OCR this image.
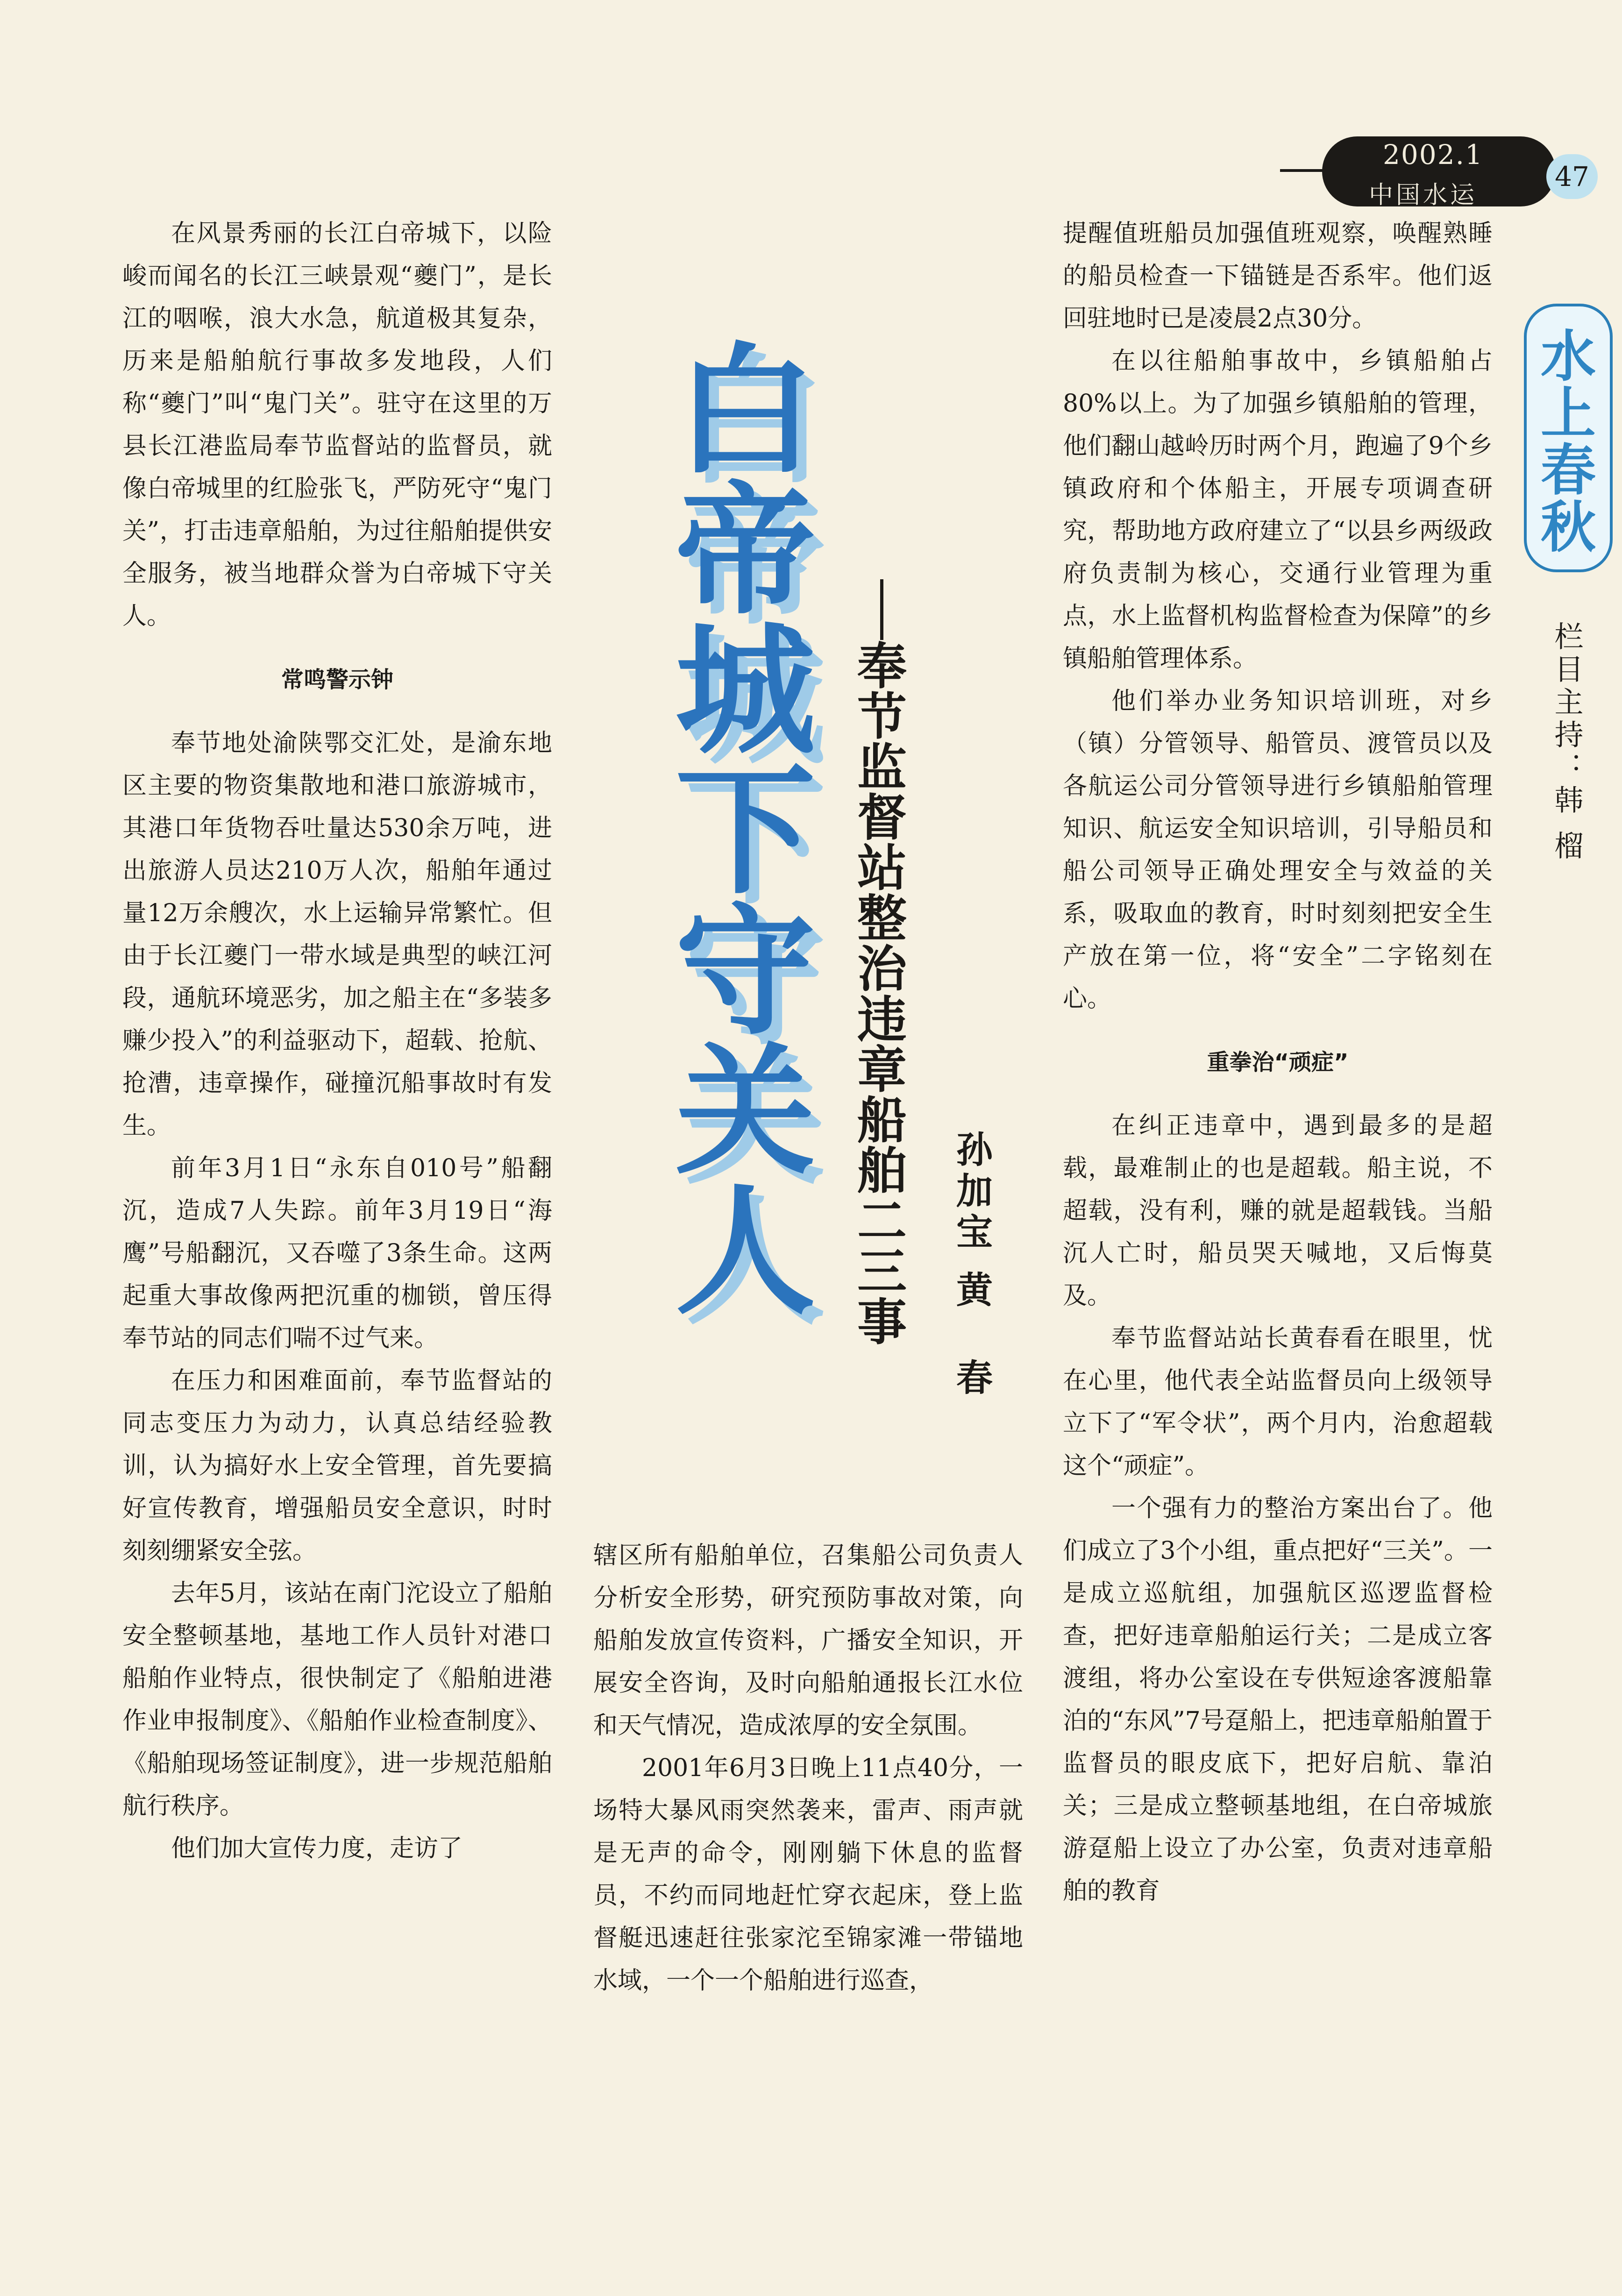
2002.1
中国水运
47
水上春秋
栏目主持：韩 榴
白帝城下守关人 奉节监督站整治违章船舶二三事 孙加宝
黄春

在风景秀丽的长江白帝城下，以险峻而闻名的长江三峡景观“夔门”，是长江的咽喉，浪大水急，航道极其复杂，历来是船舶航行事故多发地段，人们称“夔门”叫“鬼门关”。驻守在这里的万县长江港监局奉节监督站的监督员，就像白帝城里的红脸张飞，严防死守“鬼门关”，打击违章船舶，为过往船舶提供安全服务，被当地群众誉为白帝城下守关人。

常鸣警示钟

奉节地处渝陕鄂交汇处，是渝东地区主要的物资集散地和港口旅游城市，其港口年货物吞吐量达530余万吨，进出旅游人员达210万人次，船舶年通过量12万余艘次，水上运输异常繁忙。但由于长江夔门一带水域是典型的峡江河段，通航环境恶劣，加之船主在“多装多赚少投入”的利益驱动下，超载、抢航、抢漕，违章操作，碰撞沉船事故时有发生。

前年3月1日“永东自010号”船翻沉，造成7人失踪。前年3月19日“海鹰”号船翻沉，又吞噬了3条生命。这两起重大事故像两把沉重的枷锁，曾压得奉节站的同志们喘不过气来。

在压力和困难面前，奉节监督站的同志变压力为动力，认真总结经验教训，认为搞好水上安全管理，首先要搞好宣传教育，增强船员安全意识，时时刻刻绷紧安全弦。

去年5月，该站在南门沱设立了船舶安全整顿基地，基地工作人员针对港口船舶作业特点，很快制定了《船舶进港作业申报制度》、《船舶作业检查制度》、《船舶现场签证制度》，进一步规范船舶航行秩序。

他们加大宣传力度，走访了

辖区所有船舶单位，召集船公司负责人分析安全形势，研究预防事故对策，向船舶发放宣传资料，广播安全知识，开展安全咨询，及时向船舶通报长江水位和天气情况，造成浓厚的安全氛围。

2001年6月3日晚上11点40分，一场特大暴风雨突然袭来，雷声、雨声就是无声的命令，刚刚躺下休息的监督员，不约而同地赶忙穿衣起床，登上监督艇迅速赶往张家沱至锦家滩一带锚地水域，一个一个船舶进行巡查，

提醒值班船员加强值班观察，唤醒熟睡的船员检查一下锚链是否系牢。他们返回驻地时已是凌晨2点30分。

在以往船舶事故中，乡镇船舶占80%以上。为了加强乡镇船舶的管理，他们翻山越岭历时两个月，跑遍了9个乡镇政府和个体船主，开展专项调查研究，帮助地方政府建立了“以县乡两级政府负责制为核心，交通行业管理为重点，水上监督机构监督检查为保障”的乡镇船舶管理体系。

他们举办业务知识培训班，对乡（镇）分管领导、船管员、渡管员以及各航运公司分管领导进行乡镇船舶管理知识、航运安全知识培训，引导船员和船公司领导正确处理安全与效益的关系，吸取血的教育，时时刻刻把安全生产放在第一位，将“安全”二字铭刻在心。

重拳治“顽症”

在纠正违章中，遇到最多的是超载，最难制止的也是超载。船主说，不超载，没有利，赚的就是超载钱。当船沉人亡时，船员哭天喊地，又后悔莫及。

奉节监督站站长黄春看在眼里，忧在心里，他代表全站监督员向上级领导立下了“军令状”，两个月内，治愈超载这个“顽症”。

一个强有力的整治方案出台了。他们成立了3个小组，重点把好“三关”。一是成立巡航组，加强航区巡逻监督检查，把好违章船舶运行关；二是成立客渡组，将办公室设在专供短途客渡船靠泊的“东风”7号趸船上，把违章船舶置于监督员的眼皮底下，把好启航、靠泊关；三是成立整顿基地组，在白帝城旅游趸船上设立了办公室，负责对违章船舶的教育
